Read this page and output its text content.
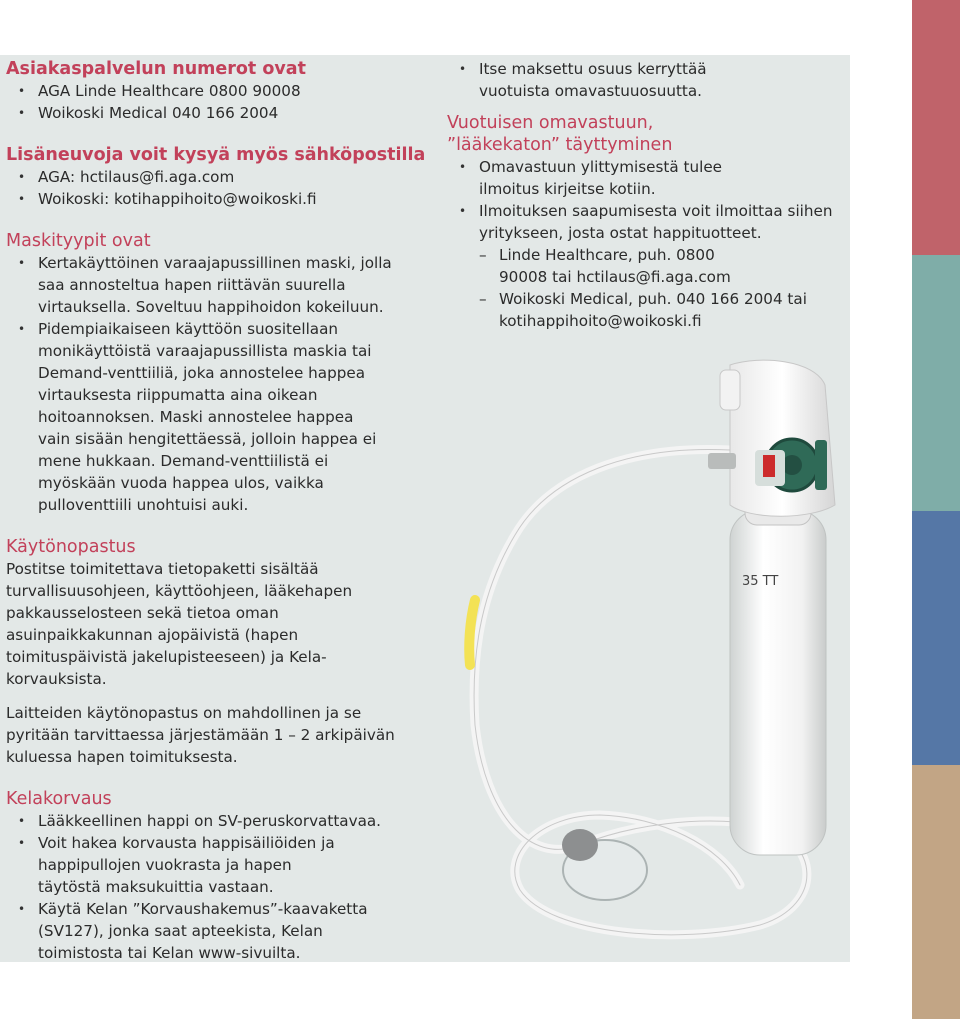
Asiakaspalvelun numerot ovat
• AGA Linde Healthcare 0800 90008
• Woikoski Medical 040 166 2004
Lisäneuvoja voit kysyä myös sähköpostilla
• AGA: hctilaus@fi.aga.com
• Woikoski: kotihappihoito@woikoski.fi
Maskityypit ovat
• Kertakäyttöinen varaajapussillinen maski, jolla saa annosteltua hapen riittävän suurella virtauksella. Soveltuu happihoidon kokeiluun.
• Pidempiaikaiseen käyttöön suositellaan monikäyttöistä varaajapussillista maskia tai Demand-venttiiliä, joka annostelee happea virtauksesta riippumatta aina oikean hoitoannoksen. Maski annostelee happea vain sisään hengitettäessä, jolloin happea ei mene hukkaan. Demand-venttiilistä ei myöskään vuoda happea ulos, vaikka pulloventtiili unohtuisi auki.
Käytönopastus

Postitse toimitettava tietopaketti sisältää turvallisuusohjeen, käyttöohjeen, lääkehapen pakkausselosteen sekä tietoa oman asuinpaikkakunnan ajopäivistä (hapen toimituspäivistä jakelupisteeseen) ja Kela-korvauksista.

Laitteiden käytönopastus on mahdollinen ja se pyritään tarvittaessa järjestämään 1 – 2 arkipäivän kuluessa hapen toimituksesta.

Kelakorvaus
• Lääkkeellinen happi on SV-peruskorvattavaa.
• Voit hakea korvausta happisäiliöiden ja happipullojen vuokrasta ja hapen täytöstä maksukuittia vastaan.
• Käytä Kelan ”Korvaushakemus”-kaavaketta (SV127), jonka saat apteekista, Kelan toimistosta tai Kelan www-sivuilta.
• Itse maksettu osuus kerryttää vuotuista omavastuuosuutta.
Vuotuisen omavastuun,
”lääkekaton” täyttyminen
• Omavastuun ylittymisestä tulee ilmoitus kirjeitse kotiin.
• Ilmoituksen saapumisesta voit ilmoittaa siihen yritykseen, josta ostat happituotteet.
– Linde Healthcare, puh. 0800 90008 tai hctilaus@fi.aga.com
– Woikoski Medical, puh. 040 166 2004 tai kotihappihoito@woikoski.fi
35 TT
